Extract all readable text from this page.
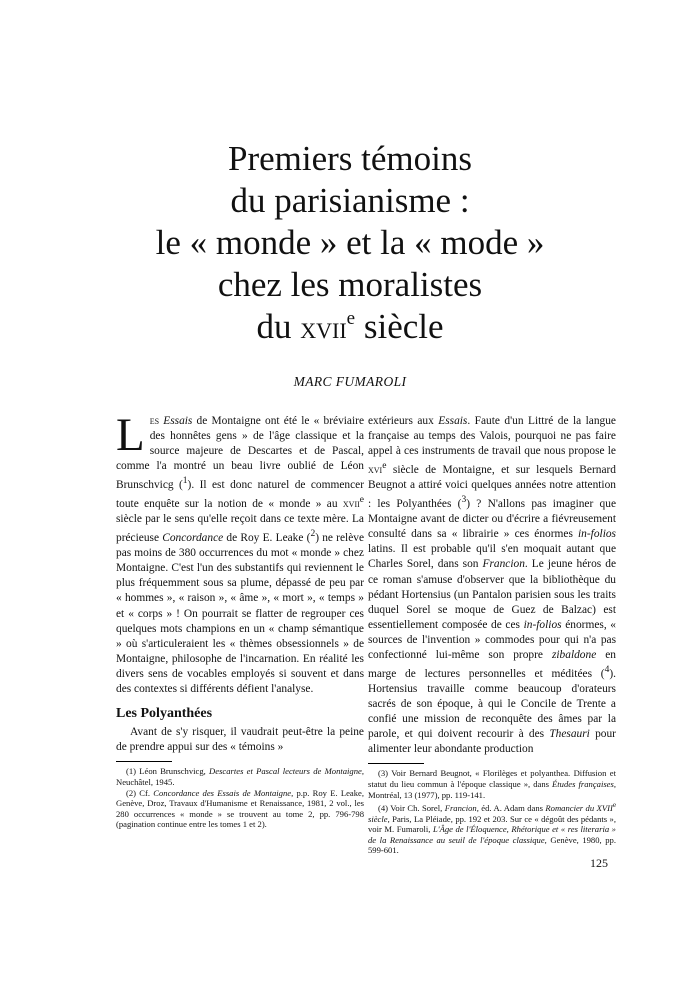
Premiers témoins
du parisianisme :
le « monde » et la « mode »
chez les moralistes
du xvii$^e$ siècle
MARC FUMAROLI

Les Essais de Montaigne ont été le « bréviaire des honnêtes gens » de l'âge classique et la source majeure de Descartes et de Pascal, comme l'a montré un beau livre oublié de Léon Brunschvicg ($^1$). Il est donc naturel de commencer toute enquête sur la notion de « monde » au xvii$^e$ siècle par le sens qu'elle reçoit dans ce texte mère. La précieuse Concordance de Roy E. Leake ($^2$) ne relève pas moins de 380 occurrences du mot « monde » chez Montaigne. C'est l'un des substantifs qui reviennent le plus fréquemment sous sa plume, dépassé de peu par « hommes », « raison », « âme », « mort », « temps » et « corps » ! On pourrait se flatter de regrouper ces quelques mots champions en un « champ sémantique » où s'articuleraient les « thèmes obsessionnels » de Montaigne, philosophe de l'incarnation. En réalité les divers sens de vocables employés si souvent et dans des contextes si différents défient l'analyse.

Les Polyanthées

Avant de s'y risquer, il vaudrait peut-être la peine de prendre appui sur des « témoins »

(1) Léon Brunschvicg, Descartes et Pascal lecteurs de Montaigne, Neuchâtel, 1945.

(2) Cf. Concordance des Essais de Montaigne, p.p. Roy E. Leake, Genève, Droz, Travaux d'Humanisme et Renaissance, 1981, 2 vol., les 280 occurrences « monde » se trouvent au tome 2, pp. 796-798 (pagination continue entre les tomes 1 et 2).

extérieurs aux Essais. Faute d'un Littré de la langue française au temps des Valois, pourquoi ne pas faire appel à ces instruments de travail que nous propose le xvi$^e$ siècle de Montaigne, et sur lesquels Bernard Beugnot a attiré voici quelques années notre attention : les Polyanthées ($^3$) ? N'allons pas imaginer que Montaigne avant de dicter ou d'écrire a fiévreusement consulté dans sa « librairie » ces énormes in-folios latins. Il est probable qu'il s'en moquait autant que Charles Sorel, dans son Francion. Le jeune héros de ce roman s'amuse d'observer que la bibliothèque du pédant Hortensius (un Pantalon parisien sous les traits duquel Sorel se moque de Guez de Balzac) est essentiellement composée de ces in-folios énormes, « sources de l'invention » commodes pour qui n'a pas confectionné lui-même son propre zibaldone en marge de lectures personnelles et méditées ($^4$). Hortensius travaille comme beaucoup d'orateurs sacrés de son époque, à qui le Concile de Trente a confié une mission de reconquête des âmes par la parole, et qui doivent recourir à des Thesauri pour alimenter leur abondante production

(3) Voir Bernard Beugnot, « Florilèges et polyanthea. Diffusion et statut du lieu commun à l'époque classique », dans Études françaises, Montréal, 13 (1977), pp. 119-141.

(4) Voir Ch. Sorel, Francion, éd. A. Adam dans Romancier du XVIIe siècle, Paris, La Pléiade, pp. 192 et 203. Sur ce « dégoût des pédants », voir M. Fumaroli, L'Âge de l'Éloquence, Rhétorique et « res literaria » de la Renaissance au seuil de l'époque classique, Genève, 1980, pp. 599-601.

125
